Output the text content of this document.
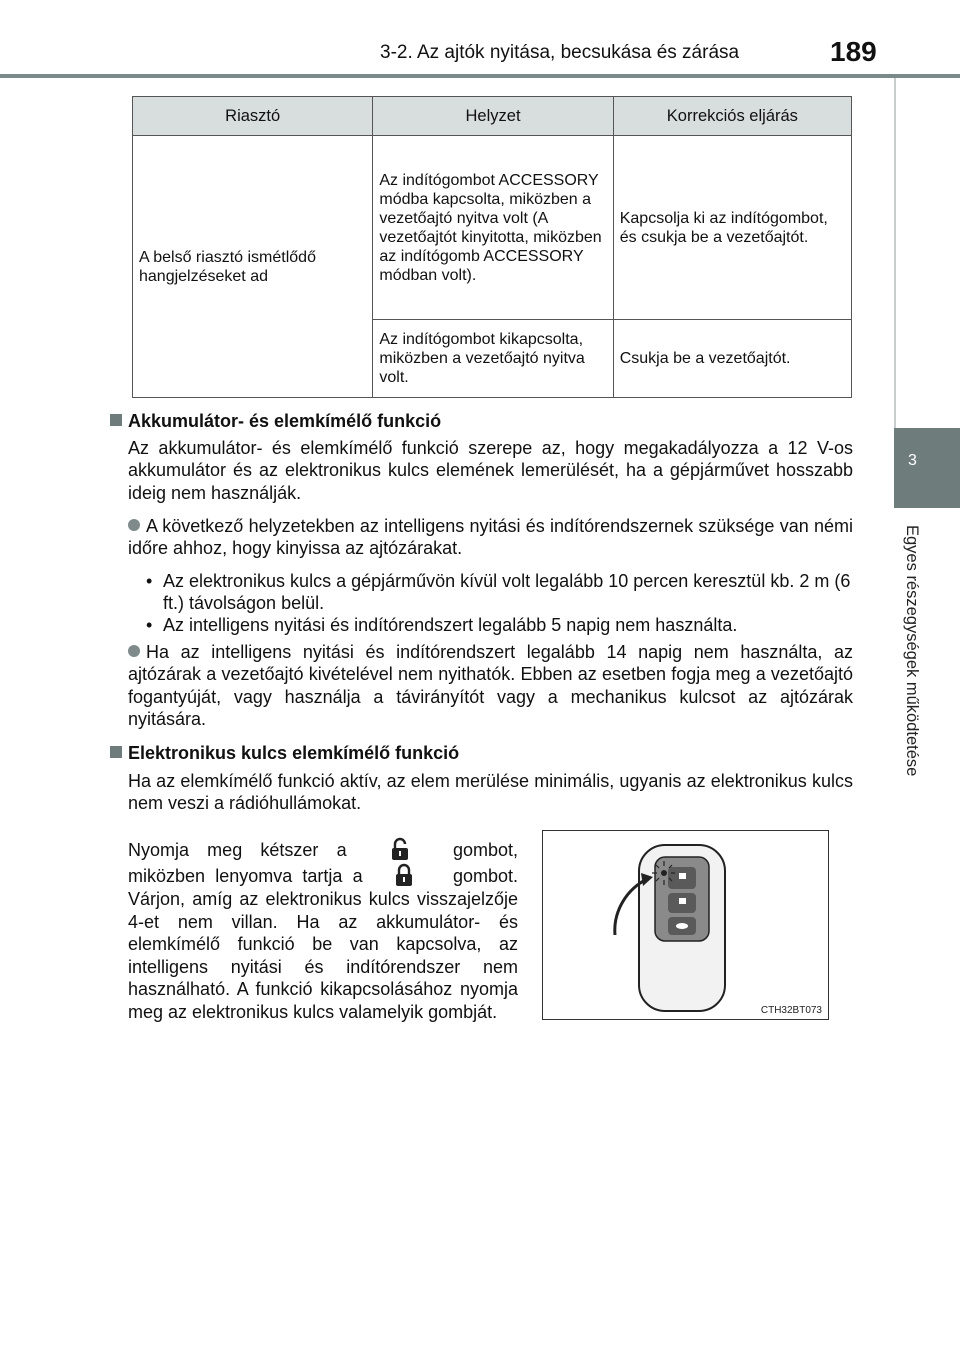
3-2. Az ajtók nyitása, becsukása és zárása	189
3
Egyes részegységek működtetése
Riasztó	Helyzet	Korrekciós eljárás
A belső riasztó ismétlődő hangjelzéseket ad	Az indítógombot ACCESSORY módba kapcsolta, miközben a vezetőajtó nyitva volt (A vezetőajtót kinyitotta, miközben az indítógomb ACCESSORY módban volt).	Kapcsolja ki az indítógombot, és csukja be a vezetőajtót.
	Az indítógombot kikapcsolta, miközben a vezetőajtó nyitva volt.	Csukja be a vezetőajtót.
Akkumulátor- és elemkímélő funkció
Az akkumulátor- és elemkímélő funkció szerepe az, hogy megakadályozza a 12 V-os akkumulátor és az elektronikus kulcs elemének lemerülését, ha a gépjárművet hosszabb ideig nem használják.
A következő helyzetekben az intelligens nyitási és indítórendszernek szüksége van némi időre ahhoz, hogy kinyissa az ajtózárakat.
• Az elektronikus kulcs a gépjárművön kívül volt legalább 10 percen keresztül kb. 2 m (6 ft.) távolságon belül.
• Az intelligens nyitási és indítórendszert legalább 5 napig nem használta.
Ha az intelligens nyitási és indítórendszert legalább 14 napig nem használta, az ajtózárak a vezetőajtó kivételével nem nyithatók. Ebben az esetben fogja meg a vezetőajtó fogantyúját, vagy használja a távirányítót vagy a mechanikus kulcsot az ajtózárak nyitására.
Elektronikus kulcs elemkímélő funkció
Ha az elemkímélő funkció aktív, az elem merülése minimális, ugyanis az elektronikus kulcs nem veszi a rádióhullámokat.
Nyomja meg kétszer a	gombot, miközben lenyomva tartja a	gombot. Várjon, amíg az elektronikus kulcs visszajelzője 4-et nem villan. Ha az akkumulátor- és elemkímélő funkció be van kapcsolva, az intelligens nyitási és indítórendszer nem használható. A funkció kikapcsolásához nyomja meg az elektronikus kulcs valamelyik gombját.	CTH32BT073
